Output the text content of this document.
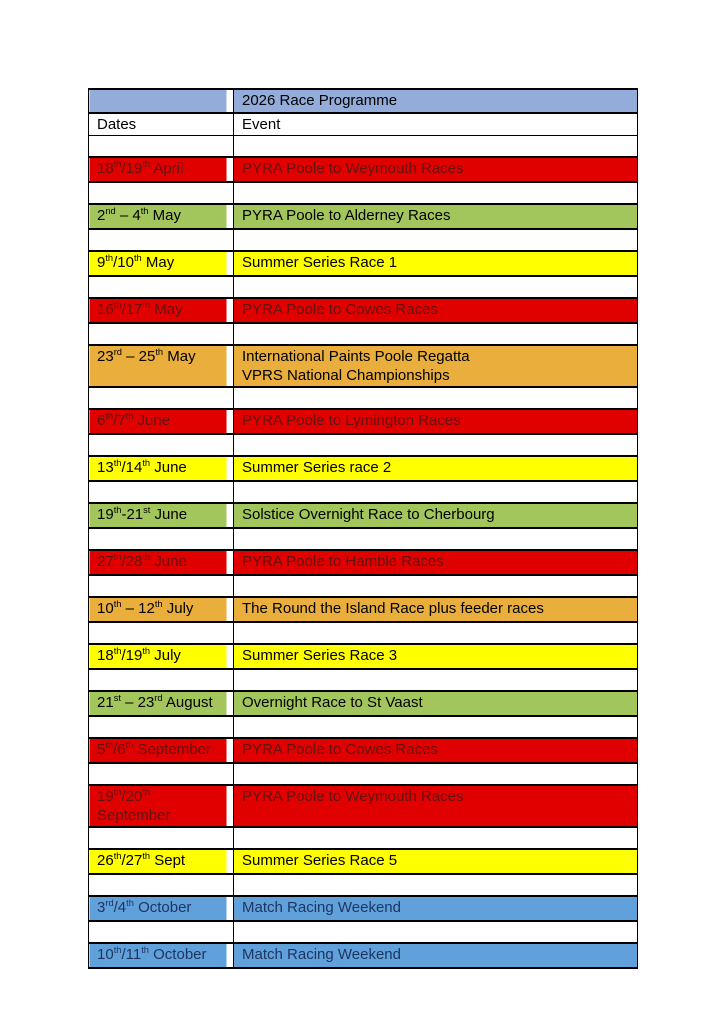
	2026 Race Programme
Dates	Event

18th/19th April	PYRA Poole to Weymouth Races

2nd – 4th May	PYRA Poole to Alderney Races

9th/10th May	Summer Series Race 1

16th/17th May	PYRA Poole to Cowes Races

23rd – 25th May	International Paints Poole Regatta
VPRS National Championships

6th/7th June	PYRA Poole to Lymington Races

13th/14th June	Summer Series race 2

19th-21st June	Solstice Overnight Race to Cherbourg

27th/28th June	PYRA Poole to Hamble Races

10th – 12th July	The Round the Island Race plus feeder races

18th/19th July	Summer Series Race 3

21st – 23rd August	Overnight Race to St Vaast

5th/6th September	PYRA Poole to Cowes Races

19th/20th
September	PYRA Poole to Weymouth Races

26th/27th Sept	Summer Series Race 5

3rd/4th October	Match Racing Weekend

10th/11th October	Match Racing Weekend
